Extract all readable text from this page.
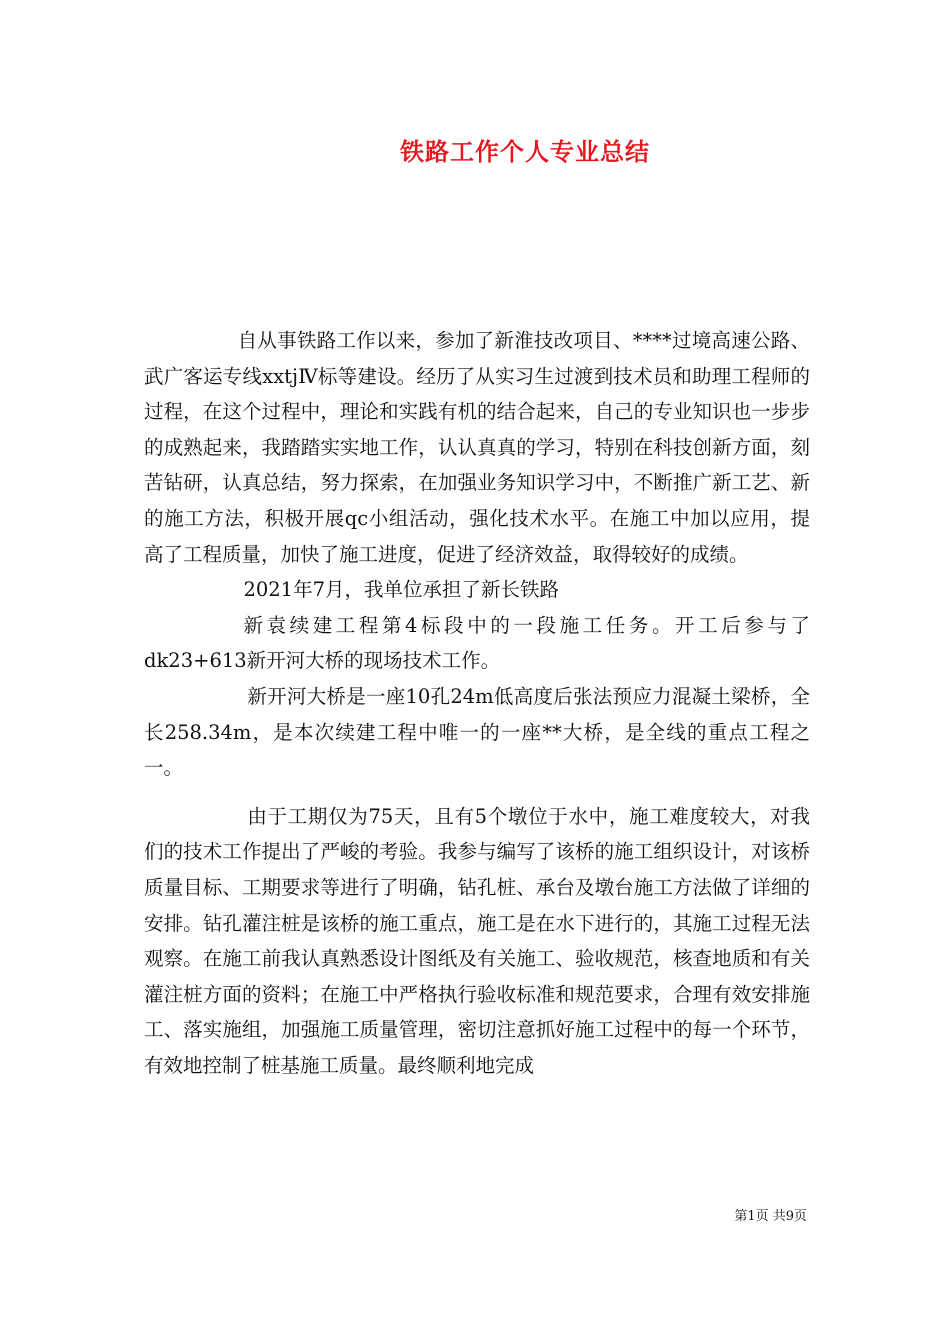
铁路工作个人专业总结

自从事铁路工作以来，参加了新淮技改项目、****过境高速公路、武广客运专线xxtjⅣ标等建设。经历了从实习生过渡到技术员和助理工程师的过程，在这个过程中，理论和实践有机的结合起来，自己的专业知识也一步步的成熟起来，我踏踏实实地工作，认认真真的学习，特别在科技创新方面，刻苦钻研，认真总结，努力探索，在加强业务知识学习中，不断推广新工艺、新的施工方法，积极开展qc小组活动，强化技术水平。在施工中加以应用，提高了工程质量，加快了施工进度，促进了经济效益，取得较好的成绩。

2021年7月，我单位承担了新长铁路

新袁续建工程第4标段中的一段施工任务。开工后参与了dk23+613新开河大桥的现场技术工作。

新开河大桥是一座10孔24m低高度后张法预应力混凝土梁桥，全长258.34m，是本次续建工程中唯一的一座**大桥，是全线的重点工程之一。

由于工期仅为75天，且有5个墩位于水中，施工难度较大，对我们的技术工作提出了严峻的考验。我参与编写了该桥的施工组织设计，对该桥质量目标、工期要求等进行了明确，钻孔桩、承台及墩台施工方法做了详细的安排。钻孔灌注桩是该桥的施工重点，施工是在水下进行的，其施工过程无法观察。在施工前我认真熟悉设计图纸及有关施工、验收规范，核查地质和有关灌注桩方面的资料；在施工中严格执行验收标准和规范要求，合理有效安排施工、落实施组，加强施工质量管理，密切注意抓好施工过程中的每一个环节，有效地控制了桩基施工质量。最终顺利地完成

第1页 共9页
